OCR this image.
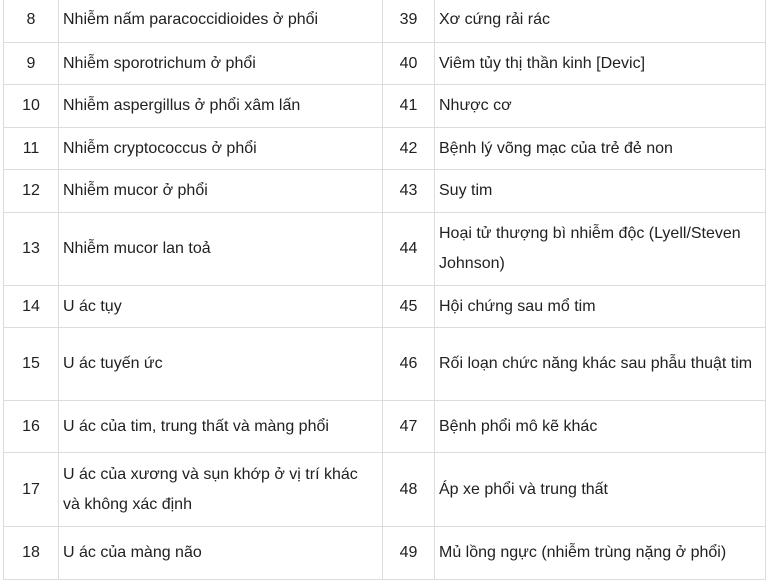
8	Nhiễm nấm paracoccidioides ở phổi	39	Xơ cứng rải rác
9	Nhiễm sporotrichum ở phổi	40	Viêm tủy thị thần kinh [Devic]
10	Nhiễm aspergillus ở phổi xâm lấn	41	Nhược cơ
11	Nhiễm cryptococcus ở phổi	42	Bệnh lý võng mạc của trẻ đẻ non
12	Nhiễm mucor ở phổi	43	Suy tim
13	Nhiễm mucor lan toả	44	Hoại tử thượng bì nhiễm độc (Lyell/Steven Johnson)
14	U ác tụy	45	Hội chứng sau mổ tim
15	U ác tuyến ức	46	Rối loạn chức năng khác sau phẫu thuật tim
16	U ác của tim, trung thất và màng phổi	47	Bệnh phổi mô kẽ khác
17	U ác của xương và sụn khớp ở vị trí khác và không xác định	48	Áp xe phổi và trung thất
18	U ác của màng não	49	Mủ lồng ngực (nhiễm trùng nặng ở phổi)
